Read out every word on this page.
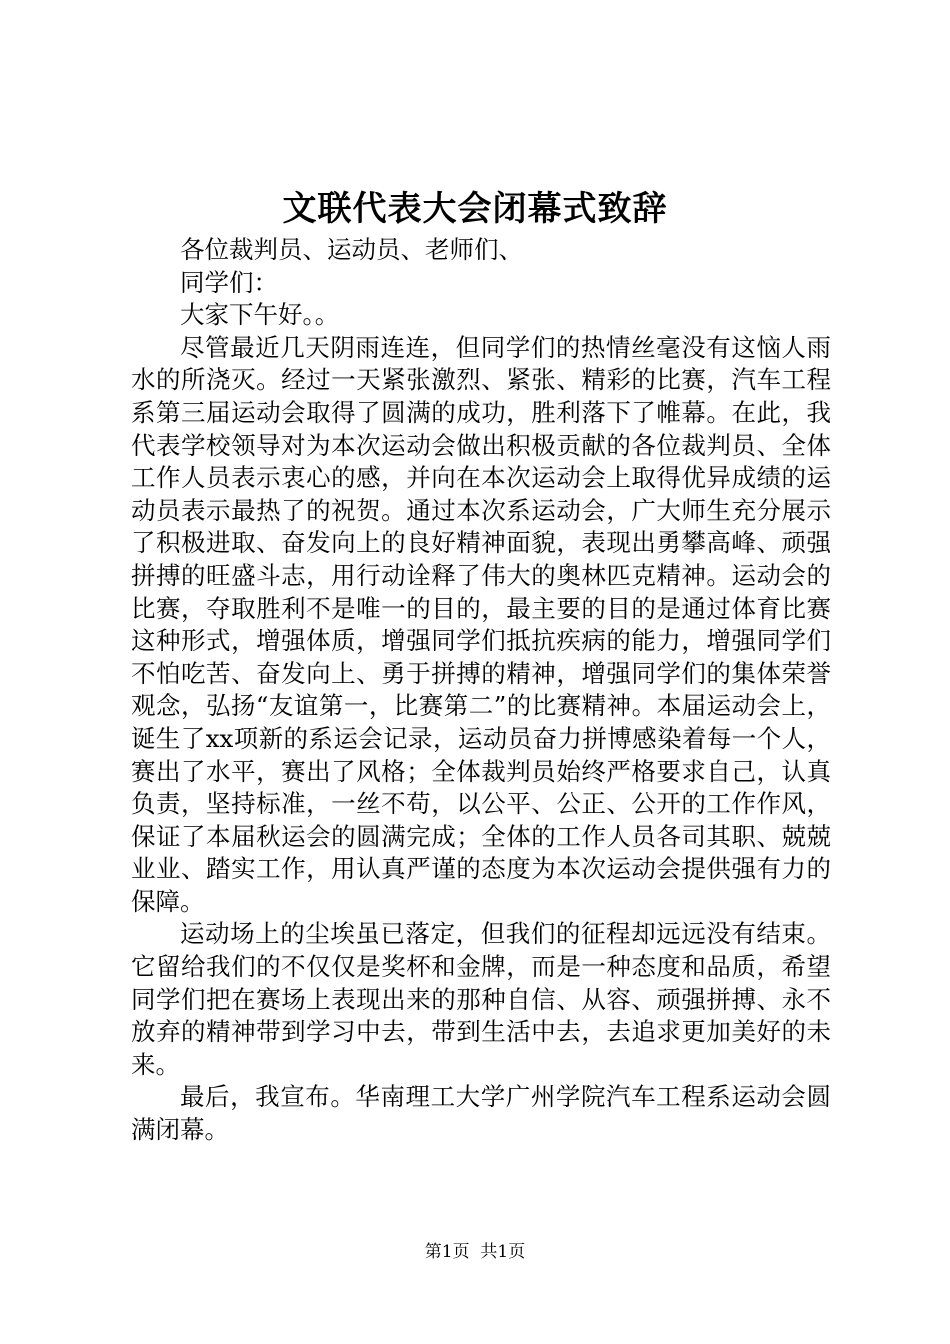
文联代表大会闭幕式致辞

各位裁判员、运动员、老师们、

同学们：

大家下午好。。

尽管最近几天阴雨连连，但同学们的热情丝毫没有这恼人雨水的所浇灭。经过一天紧张激烈、紧张、精彩的比赛，汽车工程系第三届运动会取得了圆满的成功，胜利落下了帷幕。在此，我代表学校领导对为本次运动会做出积极贡献的各位裁判员、全体工作人员表示衷心的感，并向在本次运动会上取得优异成绩的运动员表示最热了的祝贺。通过本次系运动会，广大师生充分展示了积极进取、奋发向上的良好精神面貌，表现出勇攀高峰、顽强拼搏的旺盛斗志，用行动诠释了伟大的奥林匹克精神。运动会的比赛，夺取胜利不是唯一的目的，最主要的目的是通过体育比赛这种形式，增强体质，增强同学们抵抗疾病的能力，增强同学们不怕吃苦、奋发向上、勇于拼搏的精神，增强同学们的集体荣誉观念，弘扬“友谊第一，比赛第二”的比赛精神。本届运动会上，诞生了xx项新的系运会记录，运动员奋力拼博感染着每一个人，赛出了水平，赛出了风格；全体裁判员始终严格要求自己，认真负责，坚持标准，一丝不苟，以公平、公正、公开的工作作风，保证了本届秋运会的圆满完成；全体的工作人员各司其职、兢兢业业、踏实工作，用认真严谨的态度为本次运动会提供强有力的保障。

运动场上的尘埃虽已落定，但我们的征程却远远没有结束。它留给我们的不仅仅是奖杯和金牌，而是一种态度和品质，希望同学们把在赛场上表现出来的那种自信、从容、顽强拼搏、永不放弃的精神带到学习中去，带到生活中去，去追求更加美好的未来。

最后，我宣布。华南理工大学广州学院汽车工程系运动会圆满闭幕。

第1页 共1页
